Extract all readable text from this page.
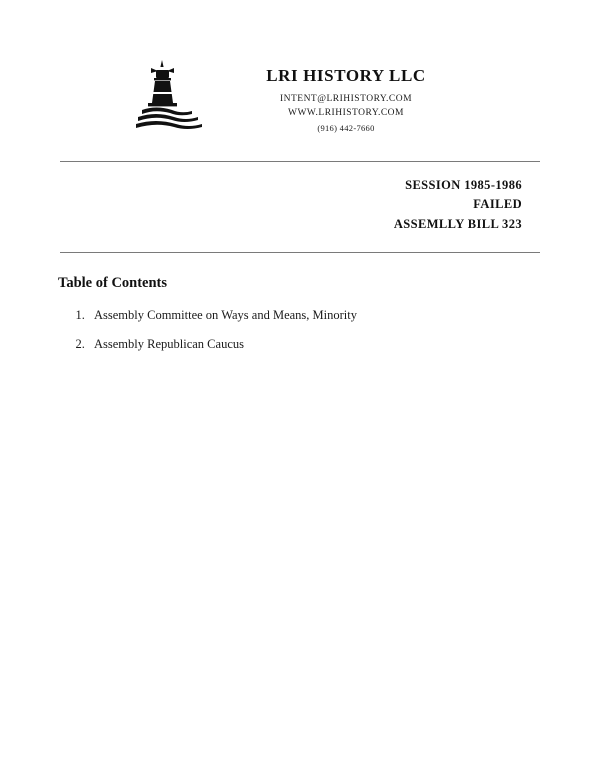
LRI HISTORY LLC
INTENT@LRIHISTORY.COM
WWW.LRIHISTORY.COM
(916) 442-7660
SESSION 1985-1986
FAILED
ASSEMLLY BILL 323
Table of Contents
1. Assembly Committee on Ways and Means, Minority
2. Assembly Republican Caucus
